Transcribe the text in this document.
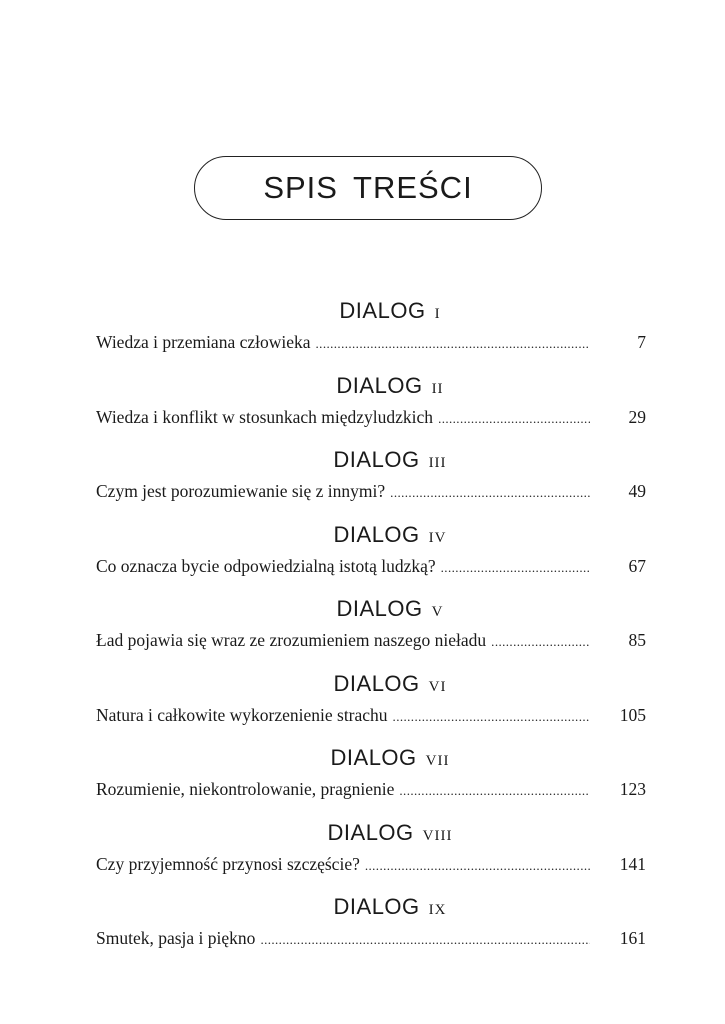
SPIS TREŚCI
DIALOG I
Wiedza i przemiana człowieka .....	7
DIALOG II
Wiedza i konflikt w stosunkach międzyludzkich .....	29
DIALOG III
Czym jest porozumiewanie się z innymi? .....	49
DIALOG IV
Co oznacza bycie odpowiedzialną istotą ludzką? .....	67
DIALOG V
Ład pojawia się wraz ze zrozumieniem naszego nieładu .....	85
DIALOG VI
Natura i całkowite wykorzenienie strachu .....	105
DIALOG VII
Rozumienie, niekontrolowanie, pragnienie .....	123
DIALOG VIII
Czy przyjemność przynosi szczęście? .....	141
DIALOG IX
Smutek, pasja i piękno .....	161
